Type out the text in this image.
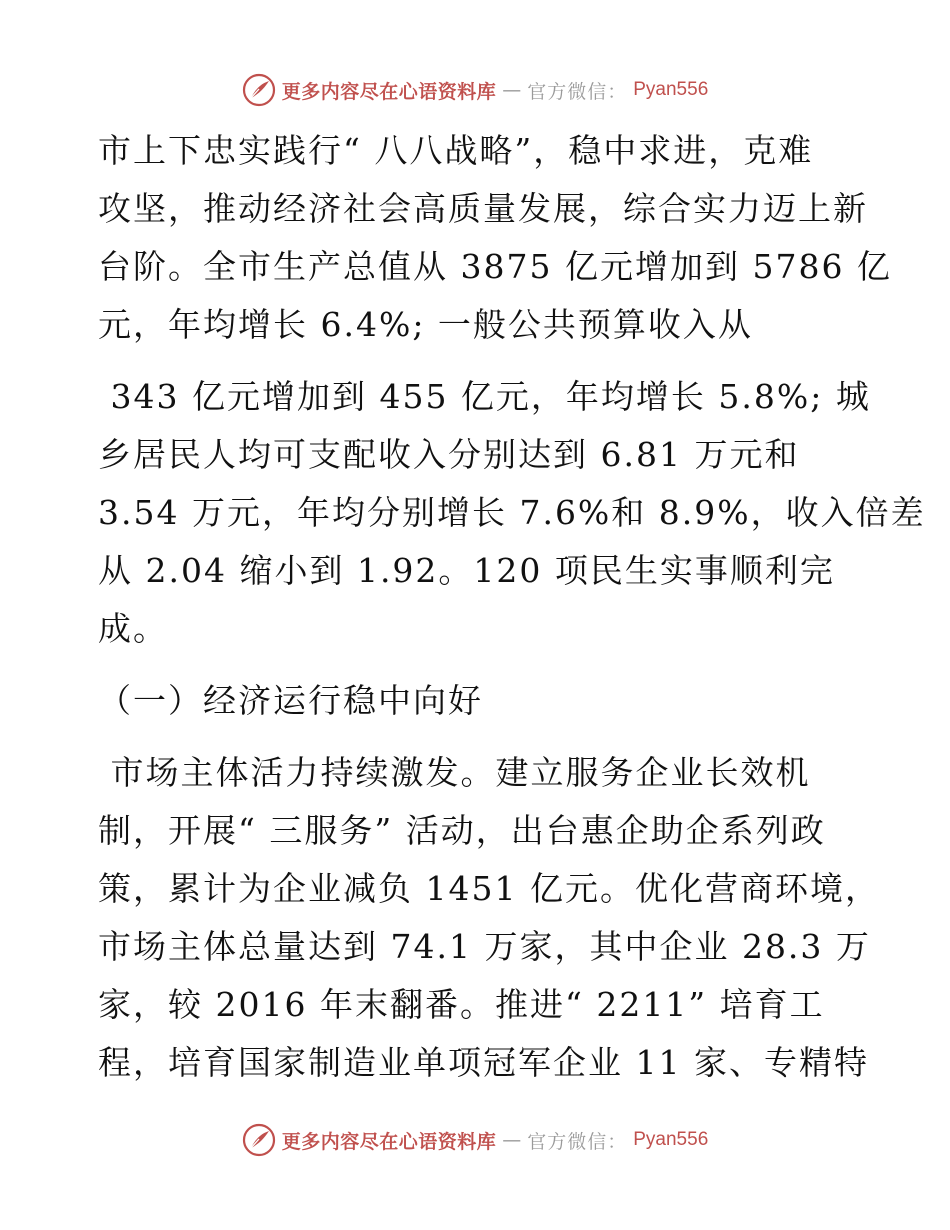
更多内容尽在心语资料库 — 官方微信： Pyan556
市上下忠实践行“ 八八战略”，稳中求进，克难
攻坚，推动经济社会高质量发展，综合实力迈上新
台阶。全市生产总值从 3875 亿元增加到 5786 亿
元，年均增长 6.4%; 一般公共预算收入从
343 亿元增加到 455 亿元，年均增长 5.8%; 城
乡居民人均可支配收入分别达到 6.81 万元和
3.54 万元，年均分别增长 7.6%和 8.9%，收入倍差
从 2.04 缩小到 1.92。120 项民生实事顺利完
成。
（一）经济运行稳中向好
市场主体活力持续激发。建立服务企业长效机
制，开展“ 三服务” 活动，出台惠企助企系列政
策，累计为企业减负 1451 亿元。优化营商环境，
市场主体总量达到 74.1 万家，其中企业 28.3 万
家，较 2016 年末翻番。推进“ 2211” 培育工
程，培育国家制造业单项冠军企业 11 家、专精特
更多内容尽在心语资料库 — 官方微信： Pyan556
